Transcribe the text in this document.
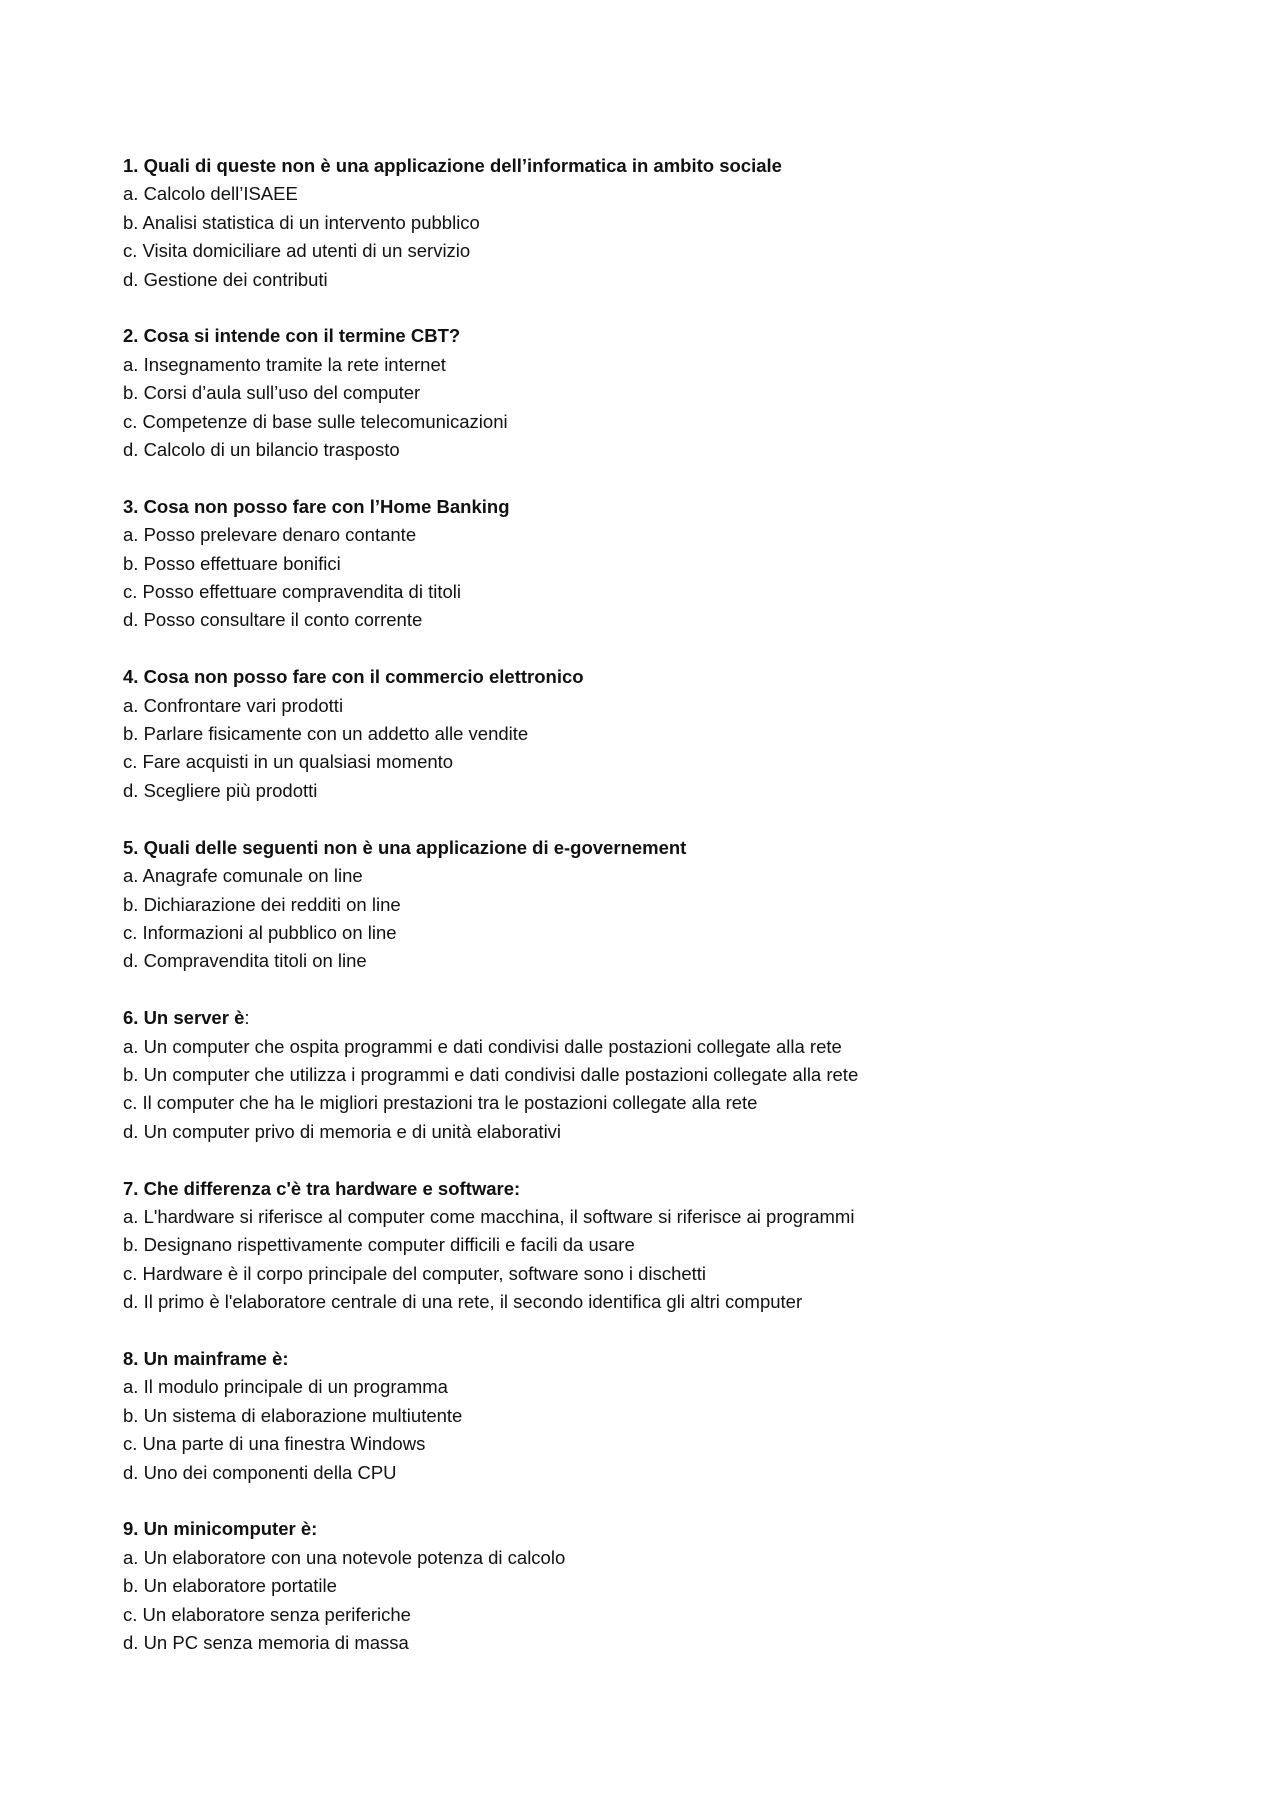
1. Quali di queste non è una applicazione dell’informatica in ambito sociale
a. Calcolo dell’ISAEE
b. Analisi statistica di un intervento pubblico
c. Visita domiciliare ad utenti di un servizio
d. Gestione dei contributi
2. Cosa si intende con il termine CBT?
a. Insegnamento tramite la rete internet
b. Corsi d’aula sull’uso del computer
c. Competenze di base sulle telecomunicazioni
d. Calcolo di un bilancio trasposto
3. Cosa non posso fare con l’Home Banking
a. Posso prelevare denaro contante
b. Posso effettuare bonifici
c. Posso effettuare compravendita di titoli
d. Posso consultare il conto corrente
4. Cosa non posso fare con il commercio elettronico
a. Confrontare vari prodotti
b. Parlare fisicamente con un addetto alle vendite
c. Fare acquisti in un qualsiasi momento
d. Scegliere più prodotti
5. Quali delle seguenti non è una applicazione di e-governement
a. Anagrafe comunale on line
b. Dichiarazione dei redditi on line
c. Informazioni al pubblico on line
d. Compravendita titoli on line
6. Un server è:
a. Un computer che ospita programmi e dati condivisi dalle postazioni collegate alla rete
b. Un computer che utilizza i programmi e dati condivisi dalle postazioni collegate alla rete
c. Il computer che ha le migliori prestazioni tra le postazioni collegate alla rete
d. Un computer privo di memoria e di unità elaborativi
7. Che differenza c'è tra hardware e software:
a. L'hardware si riferisce al computer come macchina, il software si riferisce ai programmi
b. Designano rispettivamente computer difficili e facili da usare
c. Hardware è il corpo principale del computer, software sono i dischetti
d. Il primo è l'elaboratore centrale di una rete, il secondo identifica gli altri computer
8. Un mainframe è:
a. Il modulo principale di un programma
b. Un sistema di elaborazione multiutente
c. Una parte di una finestra Windows
d. Uno dei componenti della CPU
9. Un minicomputer è:
a. Un elaboratore con una notevole potenza di calcolo
b. Un elaboratore portatile
c. Un elaboratore senza periferiche
d. Un PC senza memoria di massa
